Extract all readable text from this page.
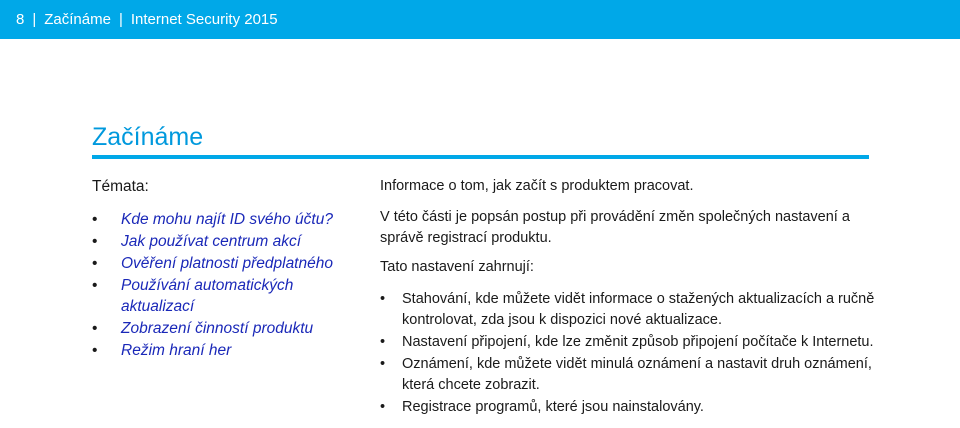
8 | Začínáme | Internet Security 2015
Začínáme
Témata:
• Kde mohu najít ID svého účtu?
• Jak používat centrum akcí
• Ověření platnosti předplatného
• Používání automatických aktualizací
• Zobrazení činností produktu
• Režim hraní her

Informace o tom, jak začít s produktem pracovat.

V této části je popsán postup při provádění změn společných nastavení a správě registrací produktu.

Tato nastavení zahrnují:

• Stahování, kde můžete vidět informace o stažených aktualizacích a ručně kontrolovat, zda jsou k dispozici nové aktualizace.
• Nastavení připojení, kde lze změnit způsob připojení počítače k Internetu.
• Oznámení, kde můžete vidět minulá oznámení a nastavit druh oznámení, která chcete zobrazit.
• Registrace programů, které jsou nainstalovány.
